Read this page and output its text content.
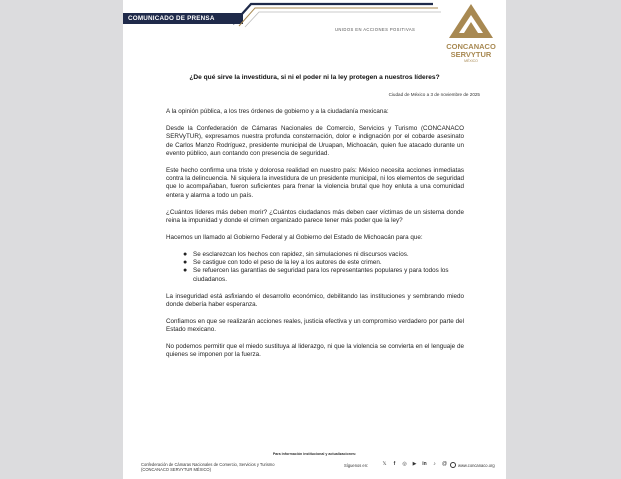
COMUNICADO DE PRENSA
UNIDOS EN ACCIONES POSITIVAS
CONCANACO
SERVYTUR
MÉXICO
¿De qué sirve la investidura, si ni el poder ni la ley protegen a nuestros líderes?
Ciudad de México a 3 de noviembre de 2025

A la opinión pública, a los tres órdenes de gobierno y a la ciudadanía mexicana:

Desde la Confederación de Cámaras Nacionales de Comercio, Servicios y Turismo (CONCANACO SERVyTUR), expresamos nuestra profunda consternación, dolor e indignación por el cobarde asesinato de Carlos Manzo Rodríguez, presidente municipal de Uruapan, Michoacán, quien fue atacado durante un evento público, aun contando con presencia de seguridad.

Este hecho confirma una triste y dolorosa realidad en nuestro país: México necesita acciones inmediatas contra la delincuencia. Ni siquiera la investidura de un presidente municipal, ni los elementos de seguridad que lo acompañaban, fueron suficientes para frenar la violencia brutal que hoy enluta a una comunidad entera y alarma a todo un país.

¿Cuántos líderes más deben morir? ¿Cuántos ciudadanos más deben caer víctimas de un sistema donde reina la impunidad y donde el crimen organizado parece tener más poder que la ley?

Hacemos un llamado al Gobierno Federal y al Gobierno del Estado de Michoacán para que:

● Se esclarezcan los hechos con rapidez, sin simulaciones ni discursos vacíos.
● Se castigue con todo el peso de la ley a los autores de este crimen.
● Se refuercen las garantías de seguridad para los representantes populares y para todos los ciudadanos.

La inseguridad está asfixiando el desarrollo económico, debilitando las instituciones y sembrando miedo donde debería haber esperanza.

Confiamos en que se realizarán acciones reales, justicia efectiva y un compromiso verdadero por parte del Estado mexicano.

No podemos permitir que el miedo sustituya al liderazgo, ni que la violencia se convierta en el lenguaje de quienes se imponen por la fuerza.

Para información institucional y actualizaciones:
Confederación de Cámaras Nacionales de Comercio, Servicios y Turismo
(CONCANACO SERVYTUR MÉXICO)
Síguenos en:	𝕏	f	◎	▶	in	♪	@	www.concanaco.org
